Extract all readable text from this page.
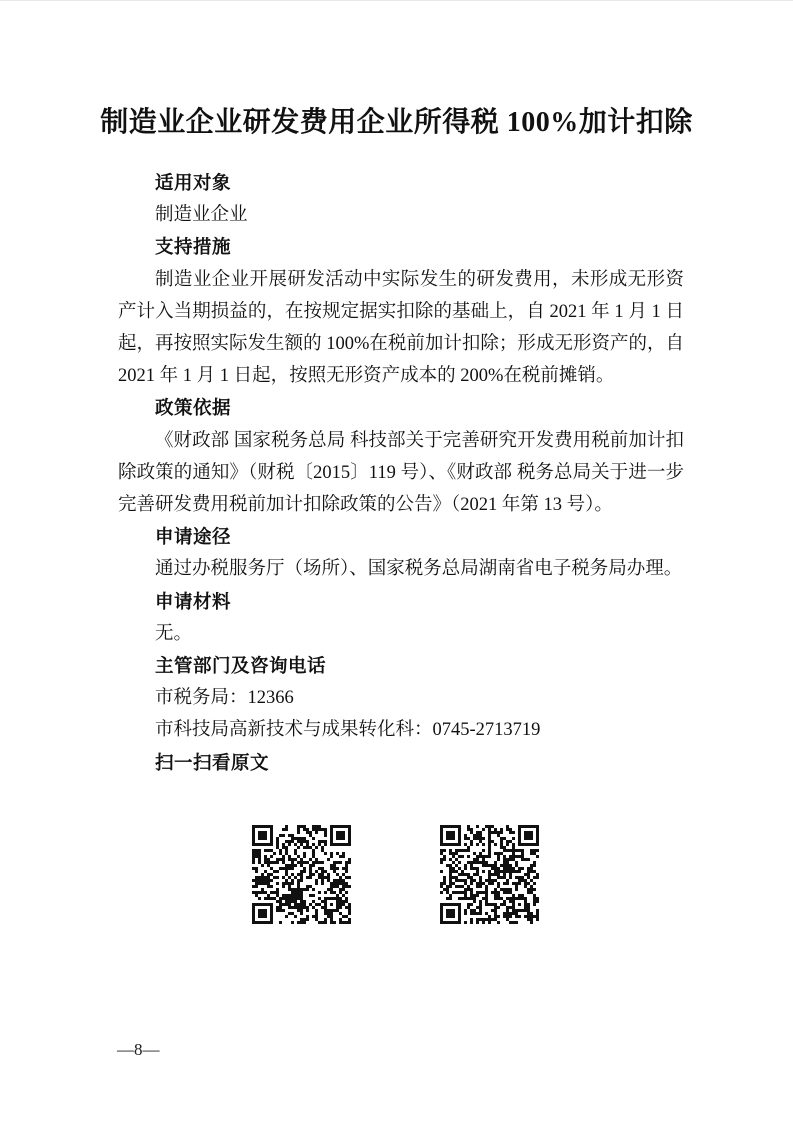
制造业企业研发费用企业所得税 100%加计扣除

适用对象

制造业企业

支持措施

制造业企业开展研发活动中实际发生的研发费用，未形成无形资产计入当期损益的，在按规定据实扣除的基础上，自 2021 年 1 月 1 日起，再按照实际发生额的 100%在税前加计扣除；形成无形资产的，自 2021 年 1 月 1 日起，按照无形资产成本的 200%在税前摊销。

政策依据

《财政部 国家税务总局 科技部关于完善研究开发费用税前加计扣除政策的通知》（财税〔2015〕119 号）、《财政部 税务总局关于进一步完善研发费用税前加计扣除政策的公告》（2021 年第 13 号）。

申请途径

通过办税服务厅（场所）、国家税务总局湖南省电子税务局办理。

申请材料

无。

主管部门及咨询电话

市税务局：12366

市科技局高新技术与成果转化科：0745-2713719

扫一扫看原文

—8—
